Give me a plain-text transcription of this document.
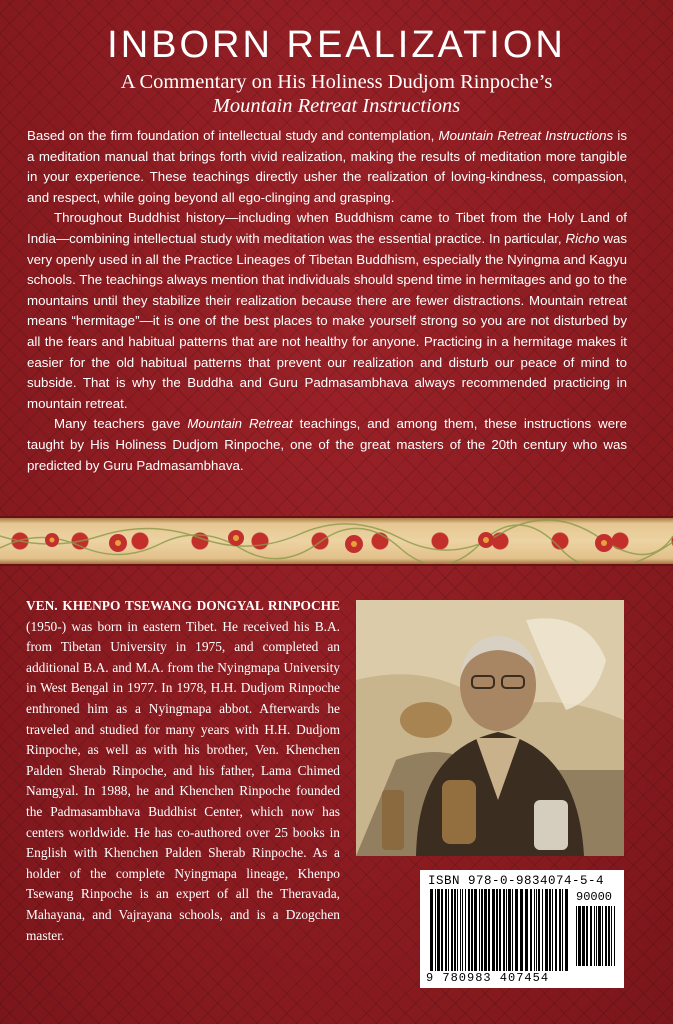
INBORN REALIZATION
A Commentary on His Holiness Dudjom Rinpoche’s
Mountain Retreat Instructions

Based on the firm foundation of intellectual study and contemplation, Mountain Retreat Instructions is a meditation manual that brings forth vivid realization, making the results of meditation more tangible in your experience. These teachings directly usher the realization of loving-kindness, compassion, and respect, while going beyond all ego-clinging and grasping.

Throughout Buddhist history—including when Buddhism came to Tibet from the Holy Land of India—combining intellectual study with meditation was the essential practice. In particular, Richo was very openly used in all the Practice Lineages of Tibetan Buddhism, especially the Nyingma and Kagyu schools. The teachings always mention that individuals should spend time in hermitages and go to the mountains until they stabilize their realization because there are fewer distractions. Mountain retreat means “hermitage”—it is one of the best places to make yourself strong so you are not disturbed by all the fears and habitual patterns that are not healthy for anyone. Practicing in a hermitage makes it easier for the old habitual patterns that prevent our realization and disturb our peace of mind to subside. That is why the Buddha and Guru Padmasambhava always recommended practicing in mountain retreat.

Many teachers gave Mountain Retreat teachings, and among them, these instructions were taught by His Holiness Dudjom Rinpoche, one of the great masters of the 20th century who was predicted by Guru Padmasambhava.

VEN. KHENPO TSEWANG DONGYAL RINPOCHE (1950-) was born in eastern Tibet. He received his B.A. from Tibetan University in 1975, and completed an additional B.A. and M.A. from the Nyingmapa University in West Bengal in 1977. In 1978, H.H. Dudjom Rinpoche enthroned him as a Nyingmapa abbot. Afterwards he traveled and studied for many years with H.H. Dudjom Rinpoche, as well as with his brother, Ven. Khenchen Palden Sherab Rinpoche, and his father, Lama Chimed Namgyal. In 1988, he and Khenchen Rinpoche founded the Padmasambhava Buddhist Center, which now has centers worldwide. He has co-authored over 25 books in English with Khenchen Palden Sherab Rinpoche. As a holder of the complete Nyingmapa lineage, Khenpo Tsewang Rinpoche is an expert of all the Theravada, Mahayana, and Vajrayana schools, and is a Dzogchen master.
ISBN 978-0-9834074-5-4
90000
9 780983 407454
